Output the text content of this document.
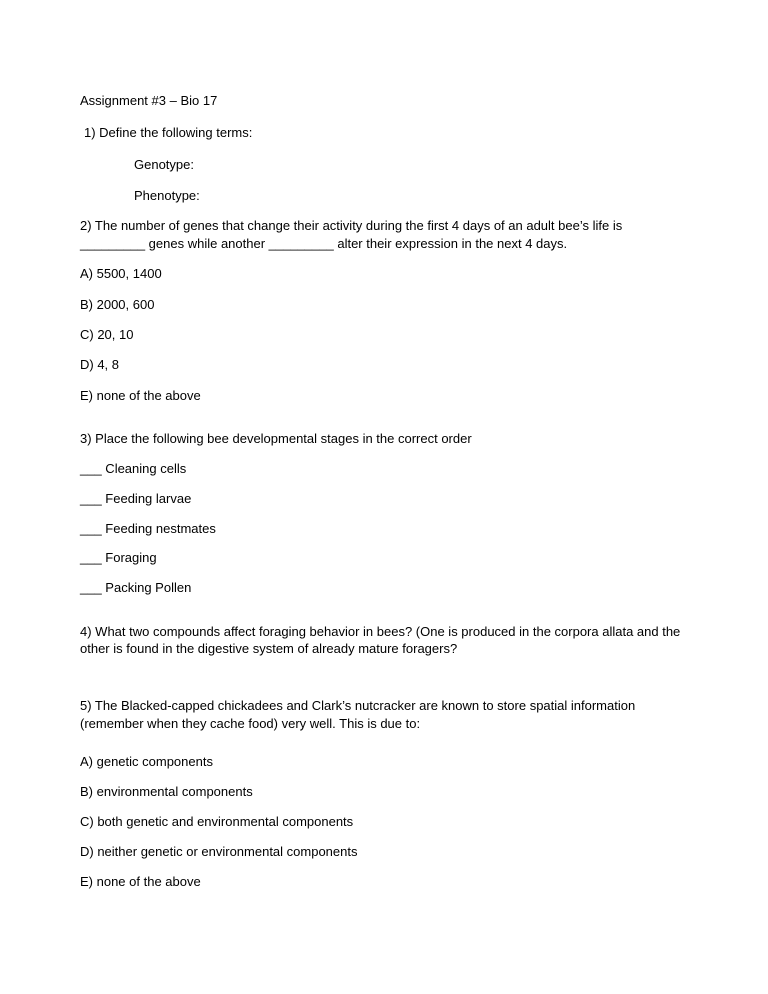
Assignment #3 – Bio 17
1) Define the following terms:
Genotype:
Phenotype:
2) The number of genes that change their activity during the first 4 days of an adult bee’s life is
_________ genes while another _________ alter their expression in the next 4 days.
A) 5500, 1400
B) 2000, 600
C) 20, 10
D) 4, 8
E) none of the above
3) Place the following bee developmental stages in the correct order
___ Cleaning cells
___ Feeding larvae
___ Feeding nestmates
___ Foraging
___ Packing Pollen
4) What two compounds affect foraging behavior in bees? (One is produced in the corpora allata and the
other is found in the digestive system of already mature foragers?
5) The Blacked-capped chickadees and Clark’s nutcracker are known to store spatial information
(remember when they cache food) very well. This is due to:
A) genetic components
B) environmental components
C) both genetic and environmental components
D) neither genetic or environmental components
E) none of the above
